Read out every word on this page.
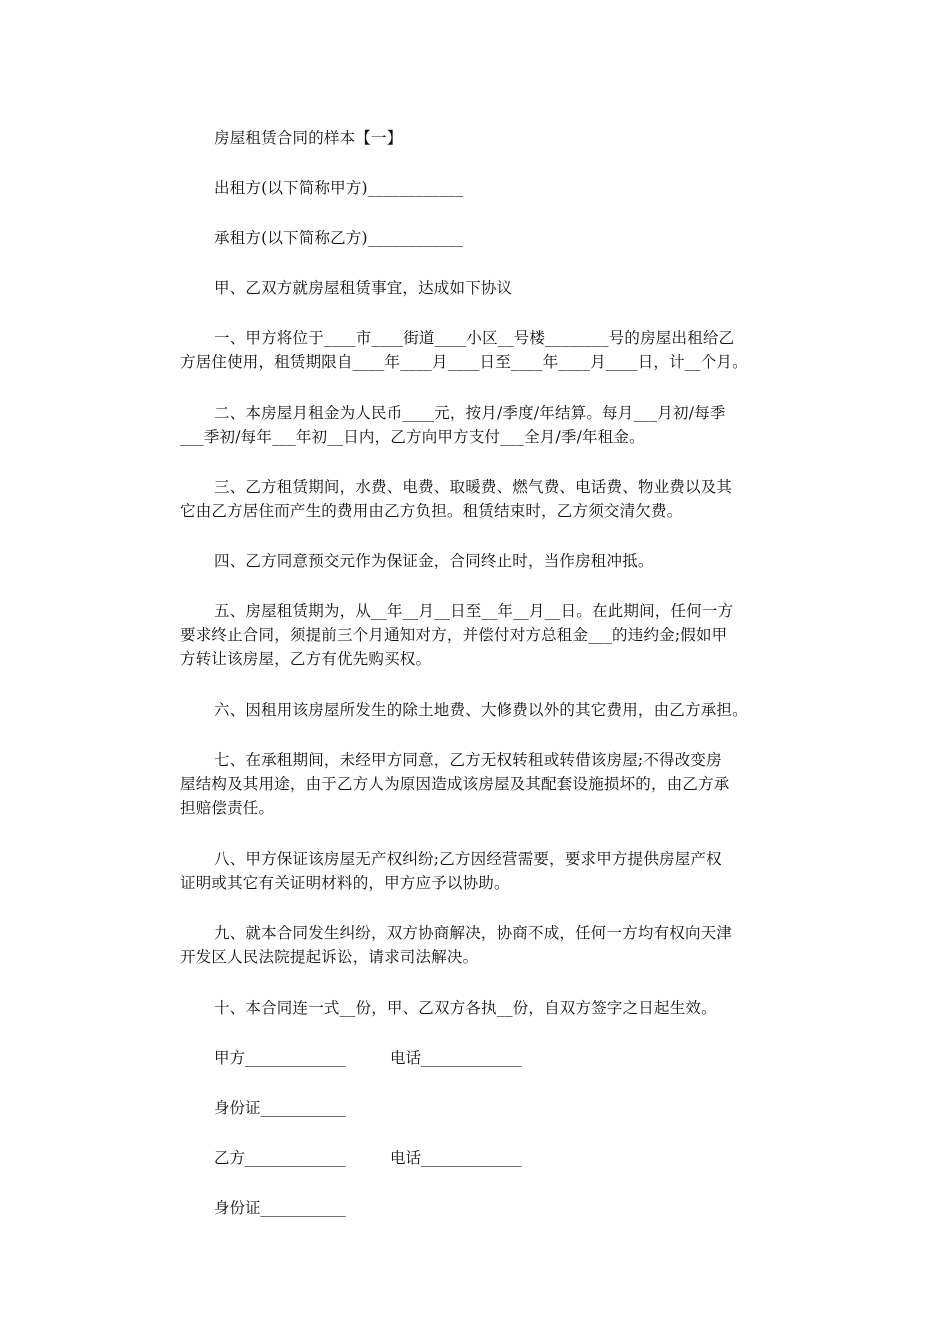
房屋租赁合同的样本【一】
出租方(以下简称甲方)____________
承租方(以下简称乙方)____________
甲、乙双方就房屋租赁事宜，达成如下协议
一、甲方将位于____市____街道____小区__号楼________号的房屋出租给乙
方居住使用，租赁期限自____年____月____日至____年____月____日，计__个月。
二、本房屋月租金为人民币____元，按月/季度/年结算。每月___月初/每季
___季初/每年___年初__日内，乙方向甲方支付___全月/季/年租金。
三、乙方租赁期间，水费、电费、取暖费、燃气费、电话费、物业费以及其
它由乙方居住而产生的费用由乙方负担。租赁结束时，乙方须交清欠费。
四、乙方同意预交元作为保证金，合同终止时，当作房租冲抵。
五、房屋租赁期为，从__年__月__日至__年__月__日。在此期间，任何一方
要求终止合同，须提前三个月通知对方，并偿付对方总租金___的违约金;假如甲
方转让该房屋，乙方有优先购买权。
六、因租用该房屋所发生的除土地费、大修费以外的其它费用，由乙方承担。
七、在承租期间，未经甲方同意，乙方无权转租或转借该房屋;不得改变房
屋结构及其用途，由于乙方人为原因造成该房屋及其配套设施损坏的，由乙方承
担赔偿责任。
八、甲方保证该房屋无产权纠纷;乙方因经营需要，要求甲方提供房屋产权
证明或其它有关证明材料的，甲方应予以协助。
九、就本合同发生纠纷，双方协商解决，协商不成，任何一方均有权向天津
开发区人民法院提起诉讼，请求司法解决。
十、本合同连一式__份，甲、乙双方各执__份，自双方签字之日起生效。
甲方_____________	电话_____________
身份证___________
乙方_____________	电话_____________
身份证___________
